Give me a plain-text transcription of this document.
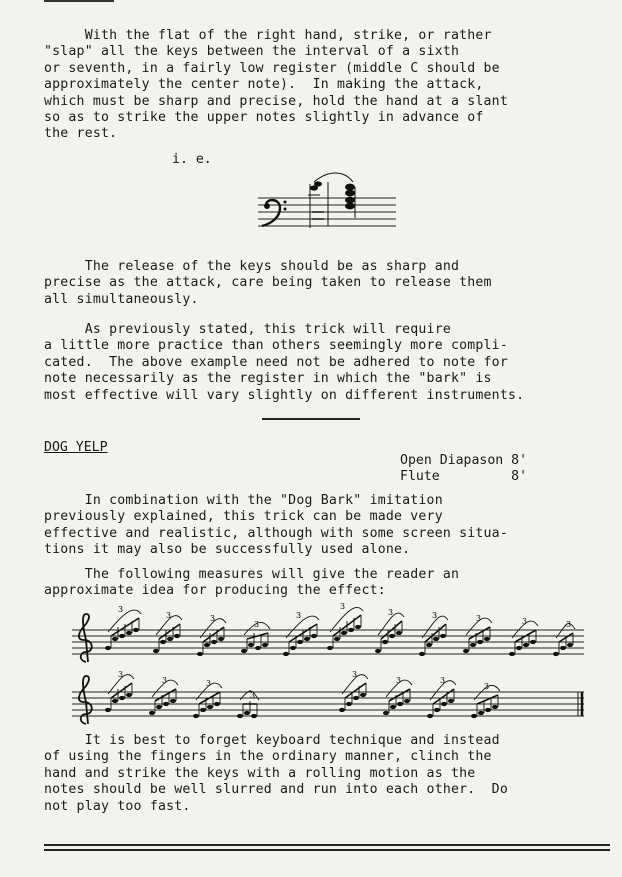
With the flat of the right hand, strike, or rather
"slap" all the keys between the interval of a sixth
or seventh, in a fairly low register (middle C should be
approximately the center note).  In making the attack,
which must be sharp and precise, hold the hand at a slant
so as to strike the upper notes slightly in advance of
the rest.

i. e.

The release of the keys should be as sharp and
precise as the attack, care being taken to release them
all simultaneously.

As previously stated, this trick will require
a little more practice than others seemingly more compli-
cated.  The above example need not be adhered to note for
note necessarily as the register in which the "bark" is
most effective will vary slightly on different instruments.

DOG YELP
Open Diapason 8'
Flute         8'

In combination with the "Dog Bark" imitation
previously explained, this trick can be made very
effective and realistic, although with some screen situa-
tions it may also be successfully used alone.

The following measures will give the reader an
approximate idea for producing the effect:

3
3	3
3
3
3
3	3	3	3	3
3
3	3
3
3
3	3
3

It is best to forget keyboard technique and instead
of using the fingers in the ordinary manner, clinch the
hand and strike the keys with a rolling motion as the
notes should be well slurred and run into each other.  Do
not play too fast.
